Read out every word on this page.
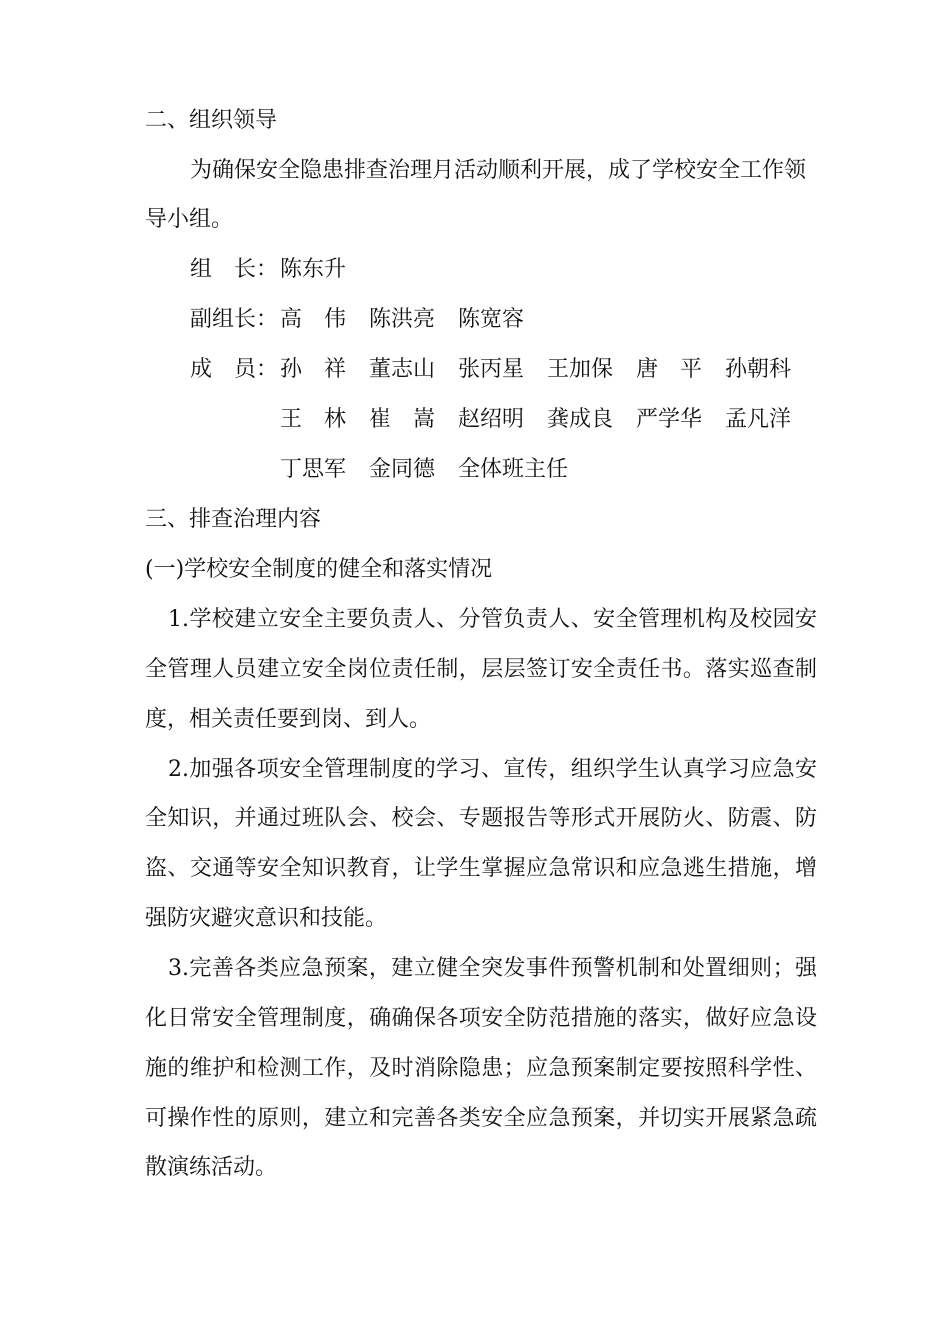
二、组织领导
为确保安全隐患排查治理月活动顺利开展，成了学校安全工作领
导小组。
组　长： 陈东升
副组长： 高　伟 陈洪亮 陈宽容
成　员： 孙　祥 董志山 张丙星 王加保 唐　平 孙朝科
王　林 崔　嵩 赵绍明 龚成良 严学华 孟凡洋
丁思军 金同德 全体班主任
三、排查治理内容
(一)学校安全制度的健全和落实情况
1.学校建立安全主要负责人、分管负责人、安全管理机构及校园安
全管理人员建立安全岗位责任制，层层签订安全责任书。落实巡查制
度，相关责任要到岗、到人。
2.加强各项安全管理制度的学习、宣传，组织学生认真学习应急安
全知识，并通过班队会、校会、专题报告等形式开展防火、防震、防
盗、交通等安全知识教育，让学生掌握应急常识和应急逃生措施，增
强防灾避灾意识和技能。
3.完善各类应急预案，建立健全突发事件预警机制和处置细则；强
化日常安全管理制度，确确保各项安全防范措施的落实，做好应急设
施的维护和检测工作，及时消除隐患；应急预案制定要按照科学性、
可操作性的原则，建立和完善各类安全应急预案，并切实开展紧急疏
散演练活动。
